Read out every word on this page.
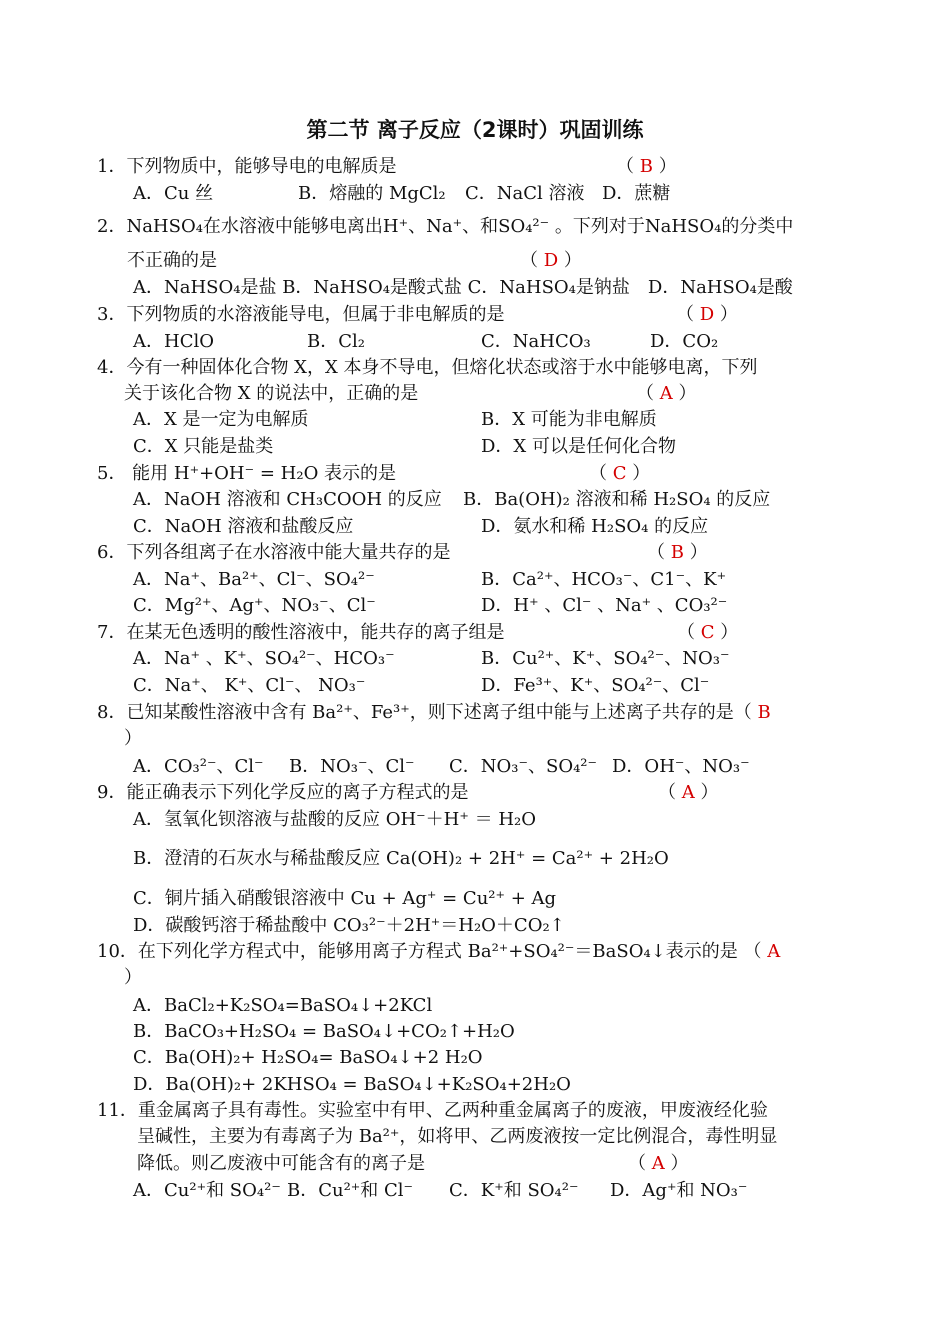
第二节 离子反应（2课时）巩固训练
1．下列物质中，能够导电的电解质是	（ B ）
A．Cu 丝	B．熔融的 MgCl₂ C．NaCl 溶液 D．蔗糖
2．NaHSO₄在水溶液中能够电离出H⁺、Na⁺、和SO₄²⁻ 。下列对于NaHSO₄的分类中
不正确的是	（ D ）
A．NaHSO₄是盐 B．NaHSO₄是酸式盐 C．NaHSO₄是钠盐　D．NaHSO₄是酸
3．下列物质的水溶液能导电，但属于非电解质的是	（ D ）
A．HClO	B．Cl₂	C．NaHCO₃	D．CO₂
4．今有一种固体化合物 X，X 本身不导电，但熔化状态或溶于水中能够电离，下列
关于该化合物 X 的说法中，正确的是	（ A ）
A．X 是一定为电解质	B．X 可能为非电解质
C．X 只能是盐类	D．X 可以是任何化合物
5． 能用 H⁺+OH⁻ = H₂O 表示的是	（ C ）
A．NaOH 溶液和 CH₃COOH 的反应 B．Ba(OH)₂ 溶液和稀 H₂SO₄ 的反应
C．NaOH 溶液和盐酸反应	D．氨水和稀 H₂SO₄ 的反应
6．下列各组离子在水溶液中能大量共存的是	（ B ）
A．Na⁺、Ba²⁺、Cl⁻、SO₄²⁻	B．Ca²⁺、HCO₃⁻、C1⁻、K⁺
C．Mg²⁺、Ag⁺、NO₃⁻、Cl⁻	D．H⁺ 、Cl⁻ 、Na⁺ 、CO₃²⁻
7．在某无色透明的酸性溶液中，能共存的离子组是	（ C ）
A．Na⁺ 、K⁺、SO₄²⁻、HCO₃⁻	B．Cu²⁺、K⁺、SO₄²⁻、NO₃⁻
C．Na⁺、 K⁺、Cl⁻、 NO₃⁻	D．Fe³⁺、K⁺、SO₄²⁻、Cl⁻
8．已知某酸性溶液中含有 Ba²⁺、Fe³⁺，则下述离子组中能与上述离子共存的是（ B
）
A．CO₃²⁻、Cl⁻ B．NO₃⁻、Cl⁻ C．NO₃⁻、SO₄²⁻ D．OH⁻、NO₃⁻
9．能正确表示下列化学反应的离子方程式的是	（ A ）
A．氢氧化钡溶液与盐酸的反应 OH⁻＋H⁺ ＝ H₂O
B．澄清的石灰水与稀盐酸反应 Ca(OH)₂ + 2H⁺ = Ca²⁺ + 2H₂O
C．铜片插入硝酸银溶液中 Cu + Ag⁺ = Cu²⁺ + Ag
D．碳酸钙溶于稀盐酸中 CO₃²⁻＋2H⁺＝H₂O＋CO₂↑
10．在下列化学方程式中，能够用离子方程式 Ba²⁺+SO₄²⁻＝BaSO₄↓表示的是 （ A
）
A．BaCl₂+K₂SO₄=BaSO₄↓+2KCl
B．BaCO₃+H₂SO₄ = BaSO₄↓+CO₂↑+H₂O
C．Ba(OH)₂+ H₂SO₄= BaSO₄↓+2 H₂O
D．Ba(OH)₂+ 2KHSO₄ = BaSO₄↓+K₂SO₄+2H₂O
11．重金属离子具有毒性。实验室中有甲、乙两种重金属离子的废液，甲废液经化验
呈碱性，主要为有毒离子为 Ba²⁺，如将甲、乙两废液按一定比例混合，毒性明显
降低。则乙废液中可能含有的离子是	（ A ）
A．Cu²⁺和 SO₄²⁻ B．Cu²⁺和 Cl⁻ C．K⁺和 SO₄²⁻ D．Ag⁺和 NO₃⁻
